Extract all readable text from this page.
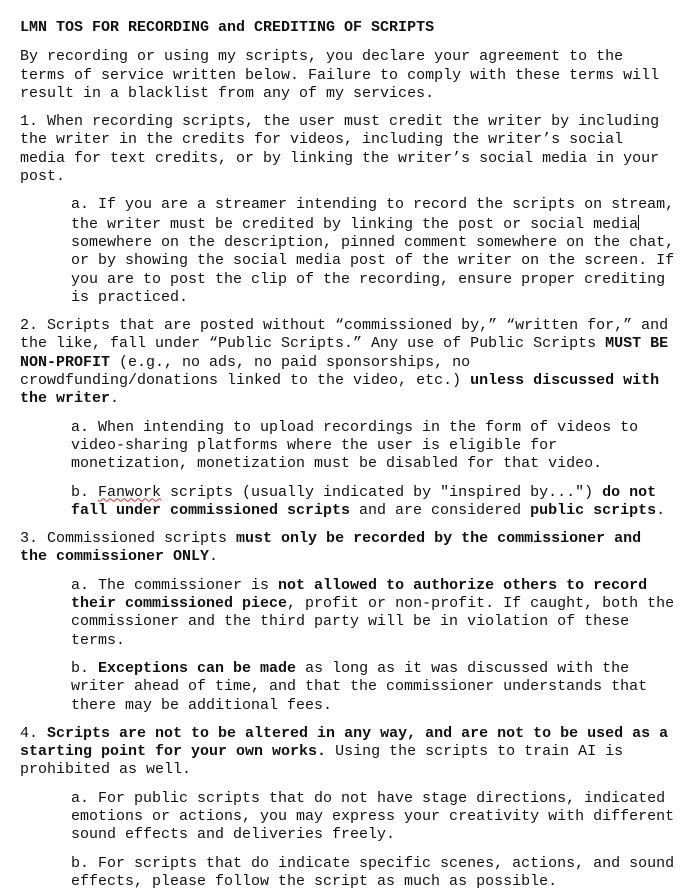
LMN TOS FOR RECORDING and CREDITING OF SCRIPTS

By recording or using my scripts, you declare your agreement to the terms of service written below. Failure to comply with these terms will result in a blacklist from any of my services.

1. When recording scripts, the user must credit the writer by including the writer in the credits for videos, including the writer’s social media for text credits, or by linking the writer’s social media in your post.

a. If you are a streamer intending to record the scripts on stream, the writer must be credited by linking the post or social media somewhere on the description, pinned comment somewhere on the chat, or by showing the social media post of the writer on the screen. If you are to post the clip of the recording, ensure proper crediting is practiced.

2. Scripts that are posted without “commissioned by,” “written for,” and the like, fall under “Public Scripts.” Any use of Public Scripts MUST BE NON-PROFIT (e.g., no ads, no paid sponsorships, no crowdfunding/donations linked to the video, etc.) unless discussed with the writer.

a. When intending to upload recordings in the form of videos to video-sharing platforms where the user is eligible for monetization, monetization must be disabled for that video.

b. Fanwork scripts (usually indicated by "inspired by...") do not fall under commissioned scripts and are considered public scripts.

3. Commissioned scripts must only be recorded by the commissioner and the commissioner ONLY.

a. The commissioner is not allowed to authorize others to record their commissioned piece, profit or non-profit. If caught, both the commissioner and the third party will be in violation of these terms.

b. Exceptions can be made as long as it was discussed with the writer ahead of time, and that the commissioner understands that there may be additional fees.

4. Scripts are not to be altered in any way, and are not to be used as a starting point for your own works. Using the scripts to train AI is prohibited as well.

a. For public scripts that do not have stage directions, indicated emotions or actions, you may express your creativity with different sound effects and deliveries freely.

b. For scripts that do indicate specific scenes, actions, and sound effects, please follow the script as much as possible.
